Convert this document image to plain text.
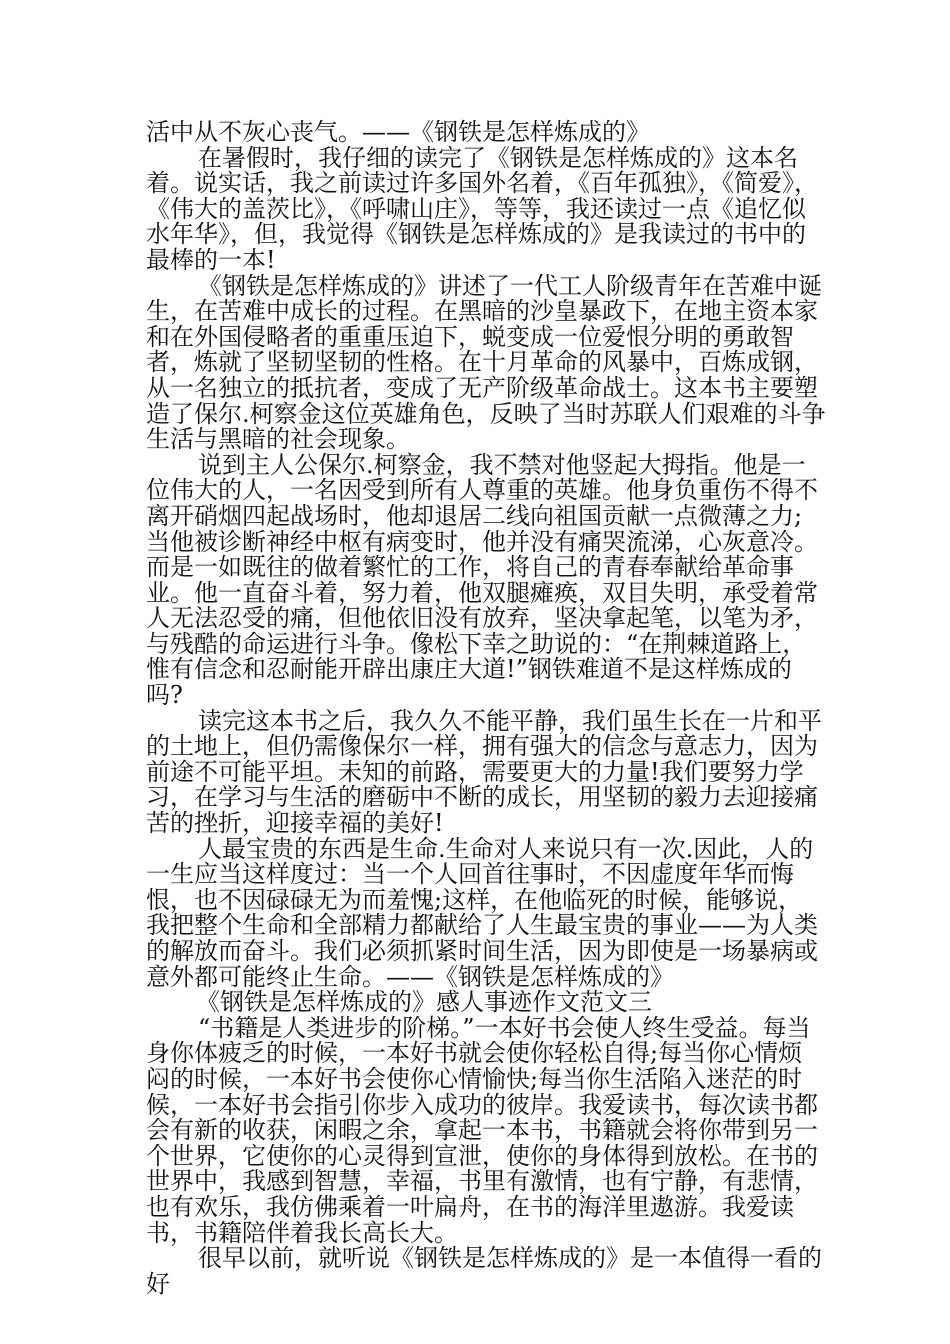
活中从不灰心丧气。——《钢铁是怎样炼成的》

在暑假时，我仔细的读完了《钢铁是怎样炼成的》这本名着。说实话，我之前读过许多国外名着，《百年孤独》，《简爱》，《伟大的盖茨比》，《呼啸山庄》，等等，我还读过一点《追忆似水年华》，但，我觉得《钢铁是怎样炼成的》是我读过的书中的最棒的一本!

《钢铁是怎样炼成的》讲述了一代工人阶级青年在苦难中诞生，在苦难中成长的过程。在黑暗的沙皇暴政下，在地主资本家和在外国侵略者的重重压迫下，蜕变成一位爱恨分明的勇敢智者，炼就了坚韧坚韧的性格。在十月革命的风暴中，百炼成钢，从一名独立的抵抗者，变成了无产阶级革命战士。这本书主要塑造了保尔.柯察金这位英雄角色，反映了当时苏联人们艰难的斗争生活与黑暗的社会现象。

说到主人公保尔.柯察金，我不禁对他竖起大拇指。他是一位伟大的人，一名因受到所有人尊重的英雄。他身负重伤不得不离开硝烟四起战场时，他却退居二线向祖国贡献一点微薄之力;当他被诊断神经中枢有病变时，他并没有痛哭流涕，心灰意冷。而是一如既往的做着繁忙的工作，将自己的青春奉献给革命事业。他一直奋斗着，努力着，他双腿瘫痪，双目失明，承受着常人无法忍受的痛，但他依旧没有放弃，坚决拿起笔，以笔为矛，与残酷的命运进行斗争。像松下幸之助说的：“在荆棘道路上，惟有信念和忍耐能开辟出康庄大道!”钢铁难道不是这样炼成的吗?

读完这本书之后，我久久不能平静，我们虽生长在一片和平的土地上，但仍需像保尔一样，拥有强大的信念与意志力，因为前途不可能平坦。未知的前路，需要更大的力量!我们要努力学习，在学习与生活的磨砺中不断的成长，用坚韧的毅力去迎接痛苦的挫折，迎接幸福的美好!

人最宝贵的东西是生命.生命对人来说只有一次.因此，人的一生应当这样度过：当一个人回首往事时，不因虚度年华而悔恨，也不因碌碌无为而羞愧;这样，在他临死的时候，能够说，我把整个生命和全部精力都献给了人生最宝贵的事业——为人类的解放而奋斗。我们必须抓紧时间生活，因为即使是一场暴病或意外都可能终止生命。——《钢铁是怎样炼成的》

《钢铁是怎样炼成的》感人事迹作文范文三

“书籍是人类进步的阶梯。”一本好书会使人终生受益。每当身你体疲乏的时候，一本好书就会使你轻松自得;每当你心情烦闷的时候，一本好书会使你心情愉快;每当你生活陷入迷茫的时候，一本好书会指引你步入成功的彼岸。我爱读书，每次读书都会有新的收获，闲暇之余，拿起一本书，书籍就会将你带到另一个世界，它使你的心灵得到宣泄，使你的身体得到放松。在书的世界中，我感到智慧，幸福，书里有激情，也有宁静，有悲情，也有欢乐，我仿佛乘着一叶扁舟，在书的海洋里遨游。我爱读书，书籍陪伴着我长高长大。

很早以前，就听说《钢铁是怎样炼成的》是一本值得一看的好
